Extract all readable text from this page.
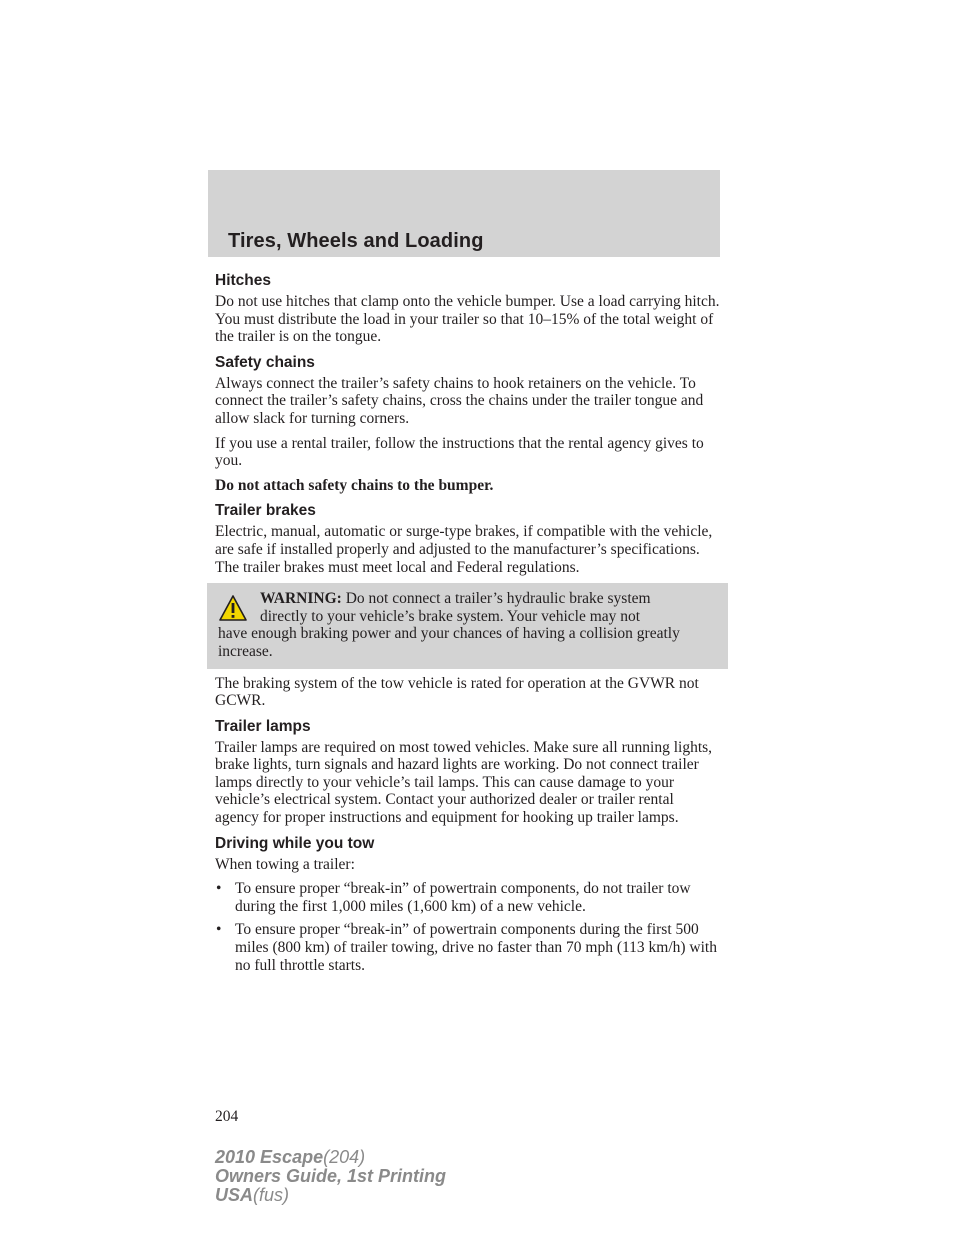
Tires, Wheels and Loading
Hitches

Do not use hitches that clamp onto the vehicle bumper. Use a load carrying hitch. You must distribute the load in your trailer so that 10–15% of the total weight of the trailer is on the tongue.

Safety chains

Always connect the trailer’s safety chains to hook retainers on the vehicle. To connect the trailer’s safety chains, cross the chains under the trailer tongue and allow slack for turning corners.

If you use a rental trailer, follow the instructions that the rental agency gives to you.

Do not attach safety chains to the bumper.

Trailer brakes

Electric, manual, automatic or surge-type brakes, if compatible with the vehicle, are safe if installed properly and adjusted to the manufacturer’s specifications. The trailer brakes must meet local and Federal regulations.

WARNING: Do not connect a trailer’s hydraulic brake system

directly to your vehicle’s brake system. Your vehicle may not

have enough braking power and your chances of having a collision greatly increase.

The braking system of the tow vehicle is rated for operation at the GVWR not GCWR.

Trailer lamps

Trailer lamps are required on most towed vehicles. Make sure all running lights, brake lights, turn signals and hazard lights are working. Do not connect trailer lamps directly to your vehicle’s tail lamps. This can cause damage to your vehicle’s electrical system. Contact your authorized dealer or trailer rental agency for proper instructions and equipment for hooking up trailer lamps.

Driving while you tow

When towing a trailer:

• To ensure proper “break-in” of powertrain components, do not trailer tow during the first 1,000 miles (1,600 km) of a new vehicle.
• To ensure proper “break-in” of powertrain components during the first 500 miles (800 km) of trailer towing, drive no faster than 70 mph (113 km/h) with no full throttle starts.
204
2010 Escape(204)
Owners Guide, 1st Printing
USA(fus)
